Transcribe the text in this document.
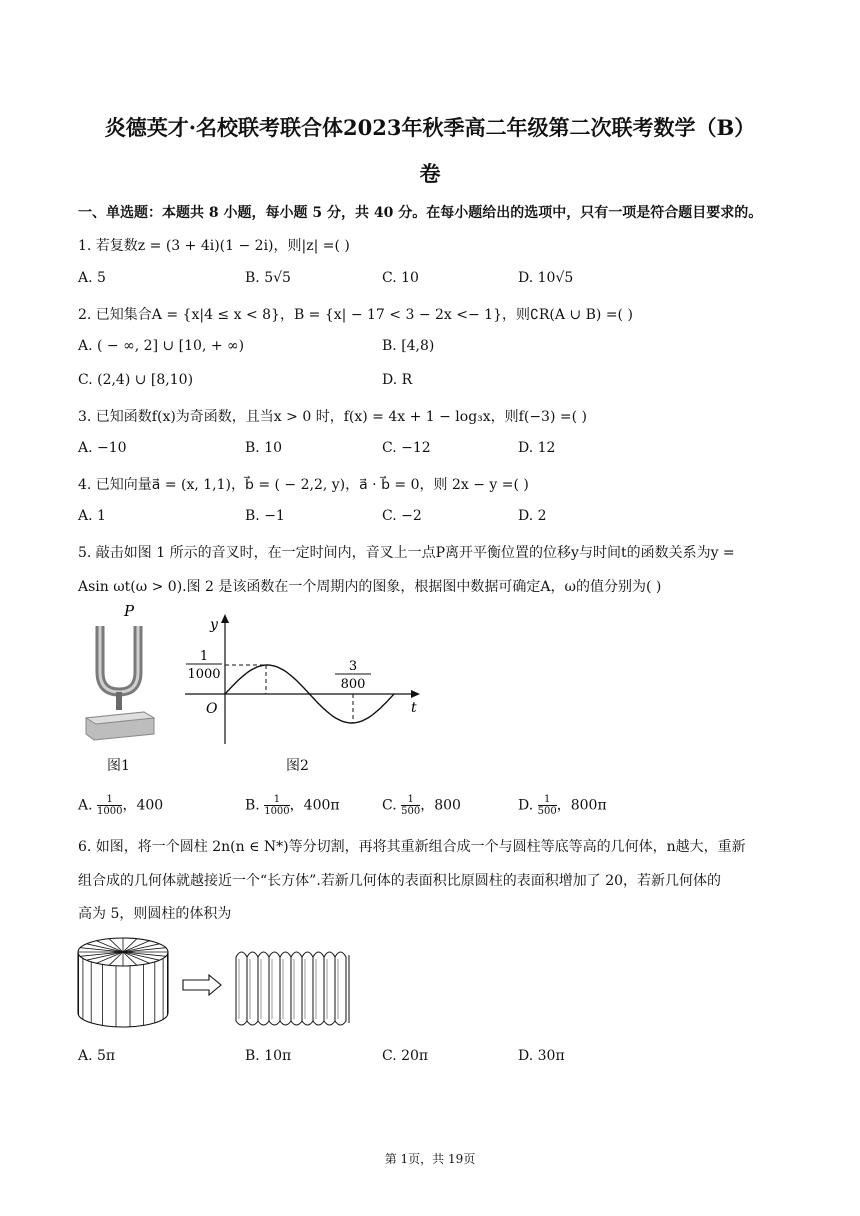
炎德英才·名校联考联合体2023年秋季高二年级第二次联考数学（B）
卷
一、单选题：本题共 8 小题，每小题 5 分，共 40 分。在每小题给出的选项中，只有一项是符合题目要求的。
1. 若复数z = (3 + 4i)(1 − 2i)，则|z| =( )
A. 5	B. 5√5	C. 10	D. 10√5
2. 已知集合A = {x|4 ≤ x < 8}，B = {x| − 17 < 3 − 2x <− 1}，则∁R(A ∪ B) =( )
A. ( − ∞, 2] ∪ [10, + ∞)	B. [4,8)
C. (2,4) ∪ [8,10)	D. R
3. 已知函数f(x)为奇函数，且当x > 0 时，f(x) = 4x + 1 − log₃x，则f(−3) =( )
A. −10	B. 10	C. −12	D. 12
4. 已知向量a⃗ = (x, 1,1)，b⃗ = ( − 2,2, y)，a⃗ · b⃗ = 0，则 2x − y =( )
A. 1	B. −1	C. −2	D. 2
5. 敲击如图 1 所示的音叉时，在一定时间内，音叉上一点P离开平衡位置的位移y与时间t的函数关系为y =
Asin ωt(ω > 0).图 2 是该函数在一个周期内的图象，根据图中数据可确定A，ω的值分别为( )
P
图1
y
t
O
1
1000
3
800
图2
A. $\frac{1}{1000}$ ，400	B. $\frac{1}{1000}$ ，400π	C. $\frac{1}{500}$ ，800	D. $\frac{1}{500}$ ，800π
6. 如图，将一个圆柱 2n(n ∈ N*)等分切割，再将其重新组合成一个与圆柱等底等高的几何体，n越大，重新
组合成的几何体就越接近一个“长方体”.若新几何体的表面积比原圆柱的表面积增加了 20，若新几何体的
高为 5，则圆柱的体积为
A. 5π	B. 10π	C. 20π	D. 30π
第 1页，共 19页
